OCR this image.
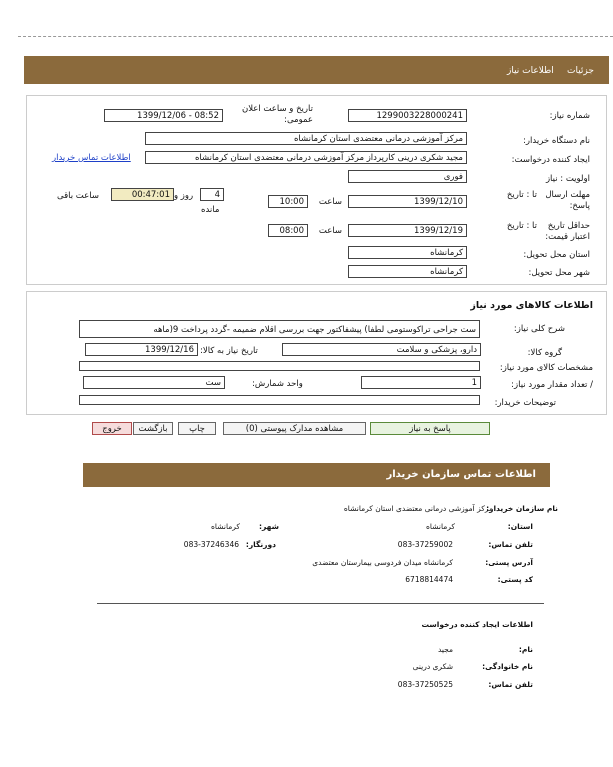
اطلاعات نیاز جزئیات
شماره نیاز:
1299003228000241
تاریخ و ساعت اعلان عمومی:
1399/12/06 - 08:52
نام دستگاه خریدار:
مرکز آموزشی درمانی معتضدی استان کرمانشاه
ایجاد کننده درخواست:
مجید شکری درینی کارپرداز مرکز آموزشی درمانی معتضدی استان کرمانشاه
اطلاعات تماس خریدار
اولویت : نیاز
فوری
مهلت ارسال پاسخ:
تا : تاریخ
1399/12/10
ساعت
10:00
4
روز و
00:47:01
ساعت باقی
مانده
حداقل تاریخ اعتبار قیمت:
تا : تاریخ
1399/12/19
ساعت
08:00
استان محل تحویل:
کرمانشاه
شهر محل تحویل:
کرمانشاه
اطلاعات کالاهای مورد نیاز
شرح کلی نیاز:
ست جراحی تراکوستومی لطفا) پیشفاکتور جهت بررسی اقلام ضمیمه -گردد پرداخت 9(ماهه
گروه کالا:
دارو، پزشکی و سلامت
تاریخ نیاز به کالا:
1399/12/16
مشخصات کالای مورد نیاز:
/ تعداد مقدار مورد نیاز:
1
واحد شمارش:
ست
توضیحات خریدار:
پاسخ به نیاز
مشاهده مدارک پیوستی (0)
چاپ
بازگشت
خروج
اطلاعات تماس سازمان خریدار
نام سازمان خریدار:
مرکز آموزشی درمانی معتضدی استان کرمانشاه
استان:
کرمانشاه
شهر:
کرمانشاه
تلفن تماس:
083-37259002
دورنگار:
083-37246346
آدرس پستی:
کرمانشاه میدان فردوسی بیمارستان معتضدی
کد پستی:
6718814474
اطلاعات ایجاد کننده درخواست
نام:
مجید
نام خانوادگی:
شکری درینی
تلفن تماس:
083-37250525
